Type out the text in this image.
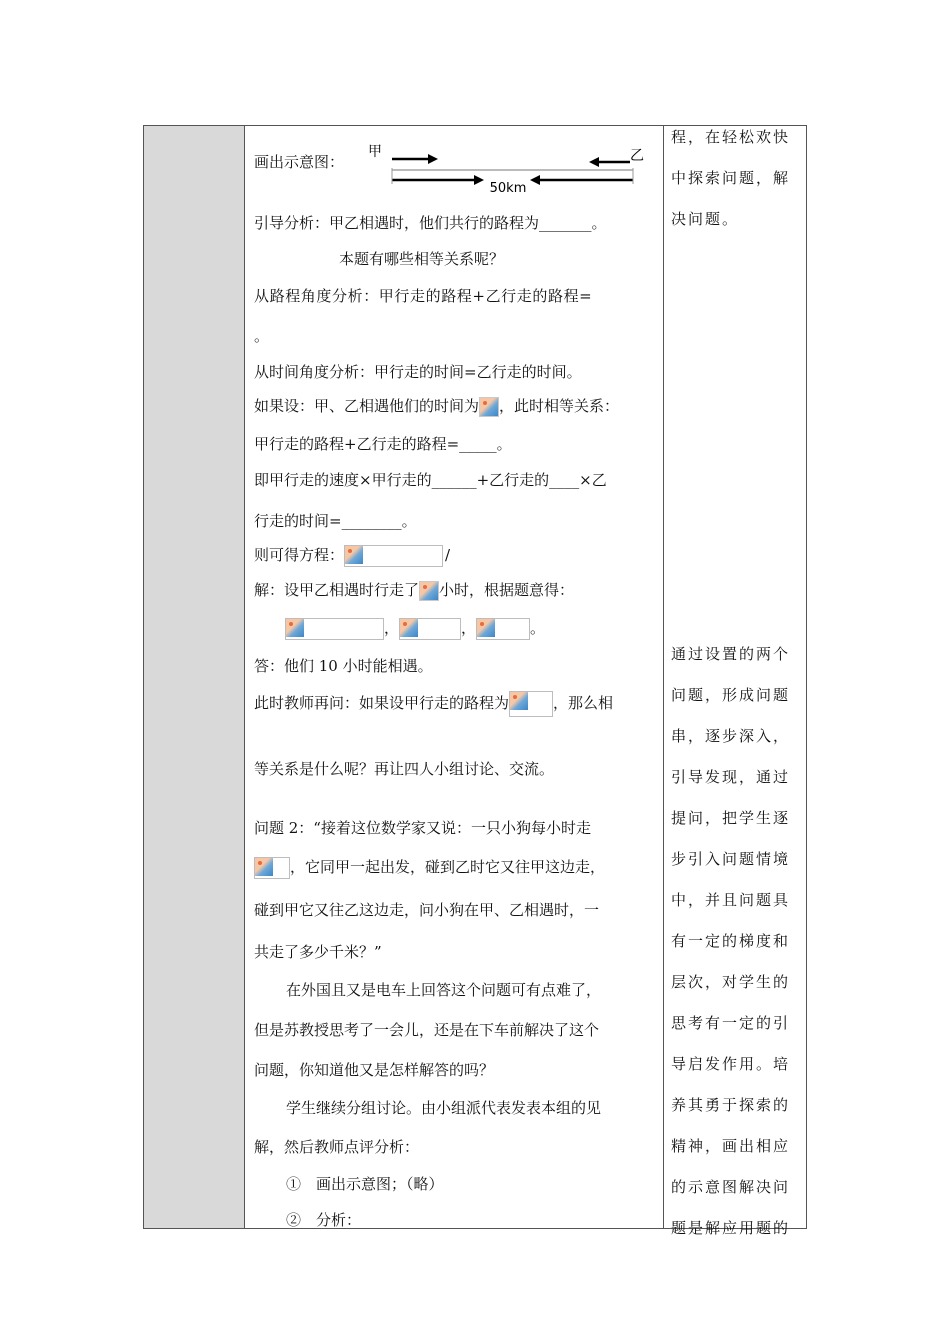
画出示意图：
甲	乙
50km
引导分析：甲乙相遇时，他们共行的路程为_______。
本题有哪些相等关系呢？
从路程角度分析：甲行走的路程+乙行走的路程=
。
从时间角度分析：甲行走的时间=乙行走的时间。
如果设：甲、乙相遇他们的时间为 ，此时相等关系：
甲行走的路程+乙行走的路程=_____。
即甲行走的速度×甲行走的______+乙行走的____×乙
行走的时间=________。
则可得方程：	/
解：设甲乙相遇时行走了 小时，根据题意得：
，	，	。
答：他们 10 小时能相遇。
此时教师再问：如果设甲行走的路程为	，那么相
等关系是什么呢？再让四人小组讨论、交流。
问题 2：“接着这位数学家又说：一只小狗每小时走
，它同甲一起出发，碰到乙时它又往甲这边走，
碰到甲它又往乙这边走，问小狗在甲、乙相遇时，一
共走了多少千米？”
在外国且又是电车上回答这个问题可有点难了，
但是苏教授思考了一会儿，还是在下车前解决了这个
问题，你知道他又是怎样解答的吗？
学生继续分组讨论。由小组派代表发表本组的见
解，然后教师点评分析：
①　画出示意图；（略）
②　分析：
程，在轻松欢快
中探索问题，解
决问题。
通过设置的两个
问题，形成问题
串，逐步深入，
引导发现，通过
提问，把学生逐
步引入问题情境
中，并且问题具
有一定的梯度和
层次，对学生的
思考有一定的引
导启发作用。培
养其勇于探索的
精神，画出相应
的示意图解决问
题是解应用题的
